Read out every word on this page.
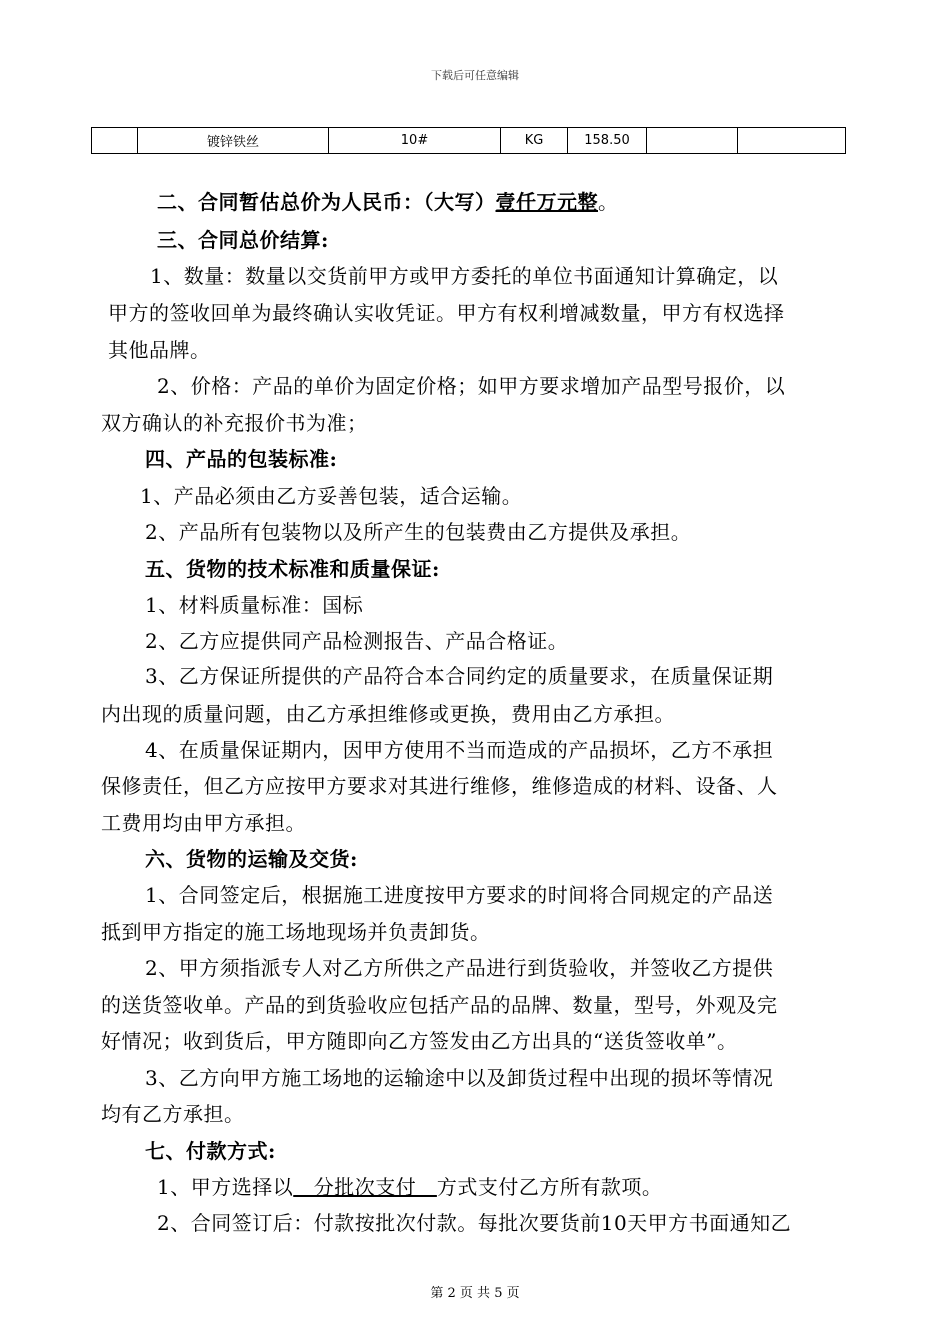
下载后可任意编辑
	镀锌铁丝	10#	KG	158.50		
二、合同暂估总价为人民币：（大写）壹仟万元整。
三、合同总价结算:
1、数量：数量以交货前甲方或甲方委托的单位书面通知计算确定，以
甲方的签收回单为最终确认实收凭证。甲方有权利增减数量，甲方有权选择
其他品牌。
2、价格：产品的单价为固定价格；如甲方要求增加产品型号报价，以
双方确认的补充报价书为准；
四、产品的包装标准:
1、产品必须由乙方妥善包装，适合运输。
2、产品所有包装物以及所产生的包装费由乙方提供及承担。
五、货物的技术标准和质量保证:
1、材料质量标准：国标
2、乙方应提供同产品检测报告、产品合格证。
3、乙方保证所提供的产品符合本合同约定的质量要求，在质量保证期
内出现的质量问题，由乙方承担维修或更换，费用由乙方承担。
4、在质量保证期内，因甲方使用不当而造成的产品损坏，乙方不承担
保修责任，但乙方应按甲方要求对其进行维修，维修造成的材料、设备、人
工费用均由甲方承担。
六、货物的运输及交货:
1、合同签定后，根据施工进度按甲方要求的时间将合同规定的产品送
抵到甲方指定的施工场地现场并负责卸货。
2、甲方须指派专人对乙方所供之产品进行到货验收，并签收乙方提供
的送货签收单。产品的到货验收应包括产品的品牌、数量，型号，外观及完
好情况；收到货后，甲方随即向乙方签发由乙方出具的“送货签收单”。
3、乙方向甲方施工场地的运输途中以及卸货过程中出现的损坏等情况
均有乙方承担。
七、付款方式:
1、甲方选择以   分批次支付   方式支付乙方所有款项。
2、合同签订后：付款按批次付款。每批次要货前10天甲方书面通知乙
第 2 页 共 5 页
